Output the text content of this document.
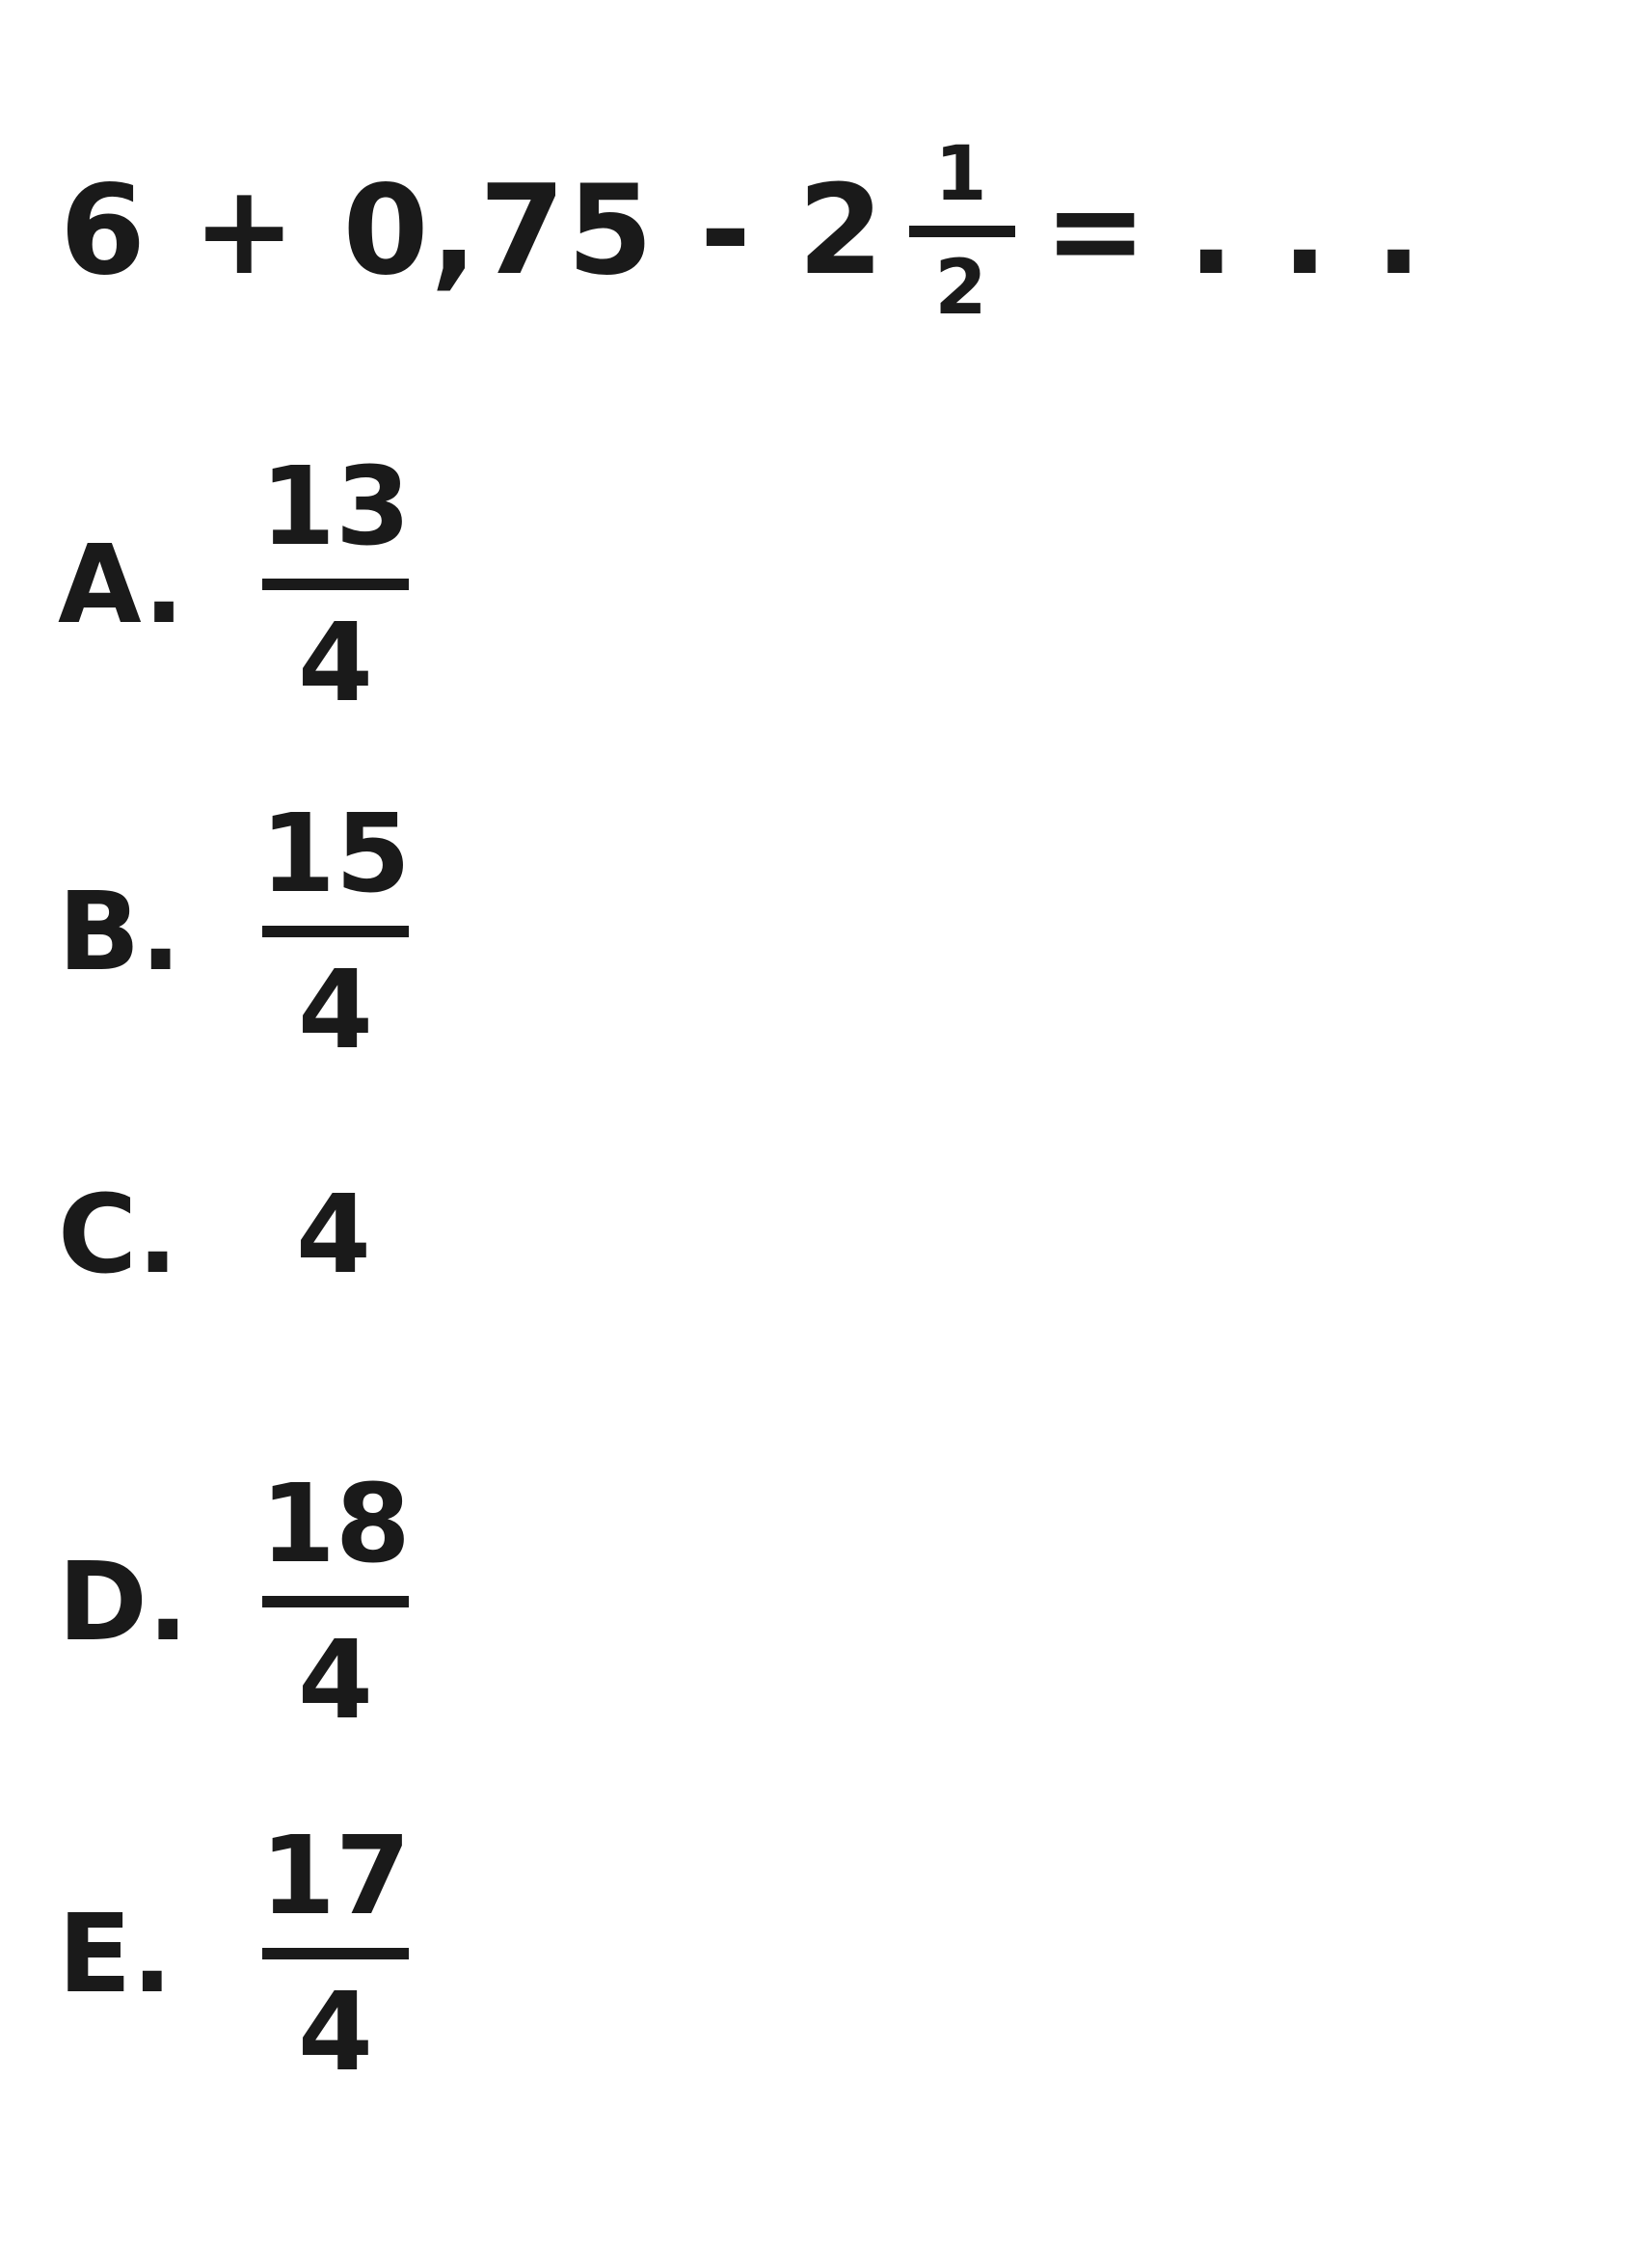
6 + 0,75 - 2 1
2 = . . .
A.
13
4
B.
15
4
C.	4
D.
18
4
E.
17
4
